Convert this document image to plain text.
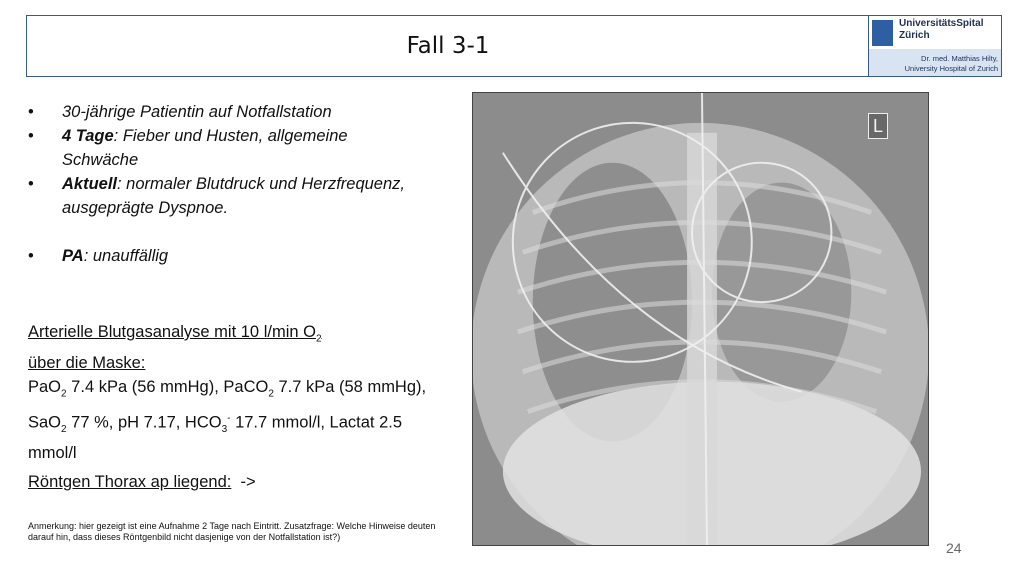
Fall 3-1
UniversitätsSpital
Zürich
Dr. med. Matthias Hilty,
University Hospital of Zurich
• 30-jährige Patientin auf Notfallstation
• 4 Tage: Fieber und Husten, allgemeine Schwäche
• Aktuell: normaler Blutdruck und Herzfrequenz, ausgeprägte Dyspnoe.
• PA: unauffällig
Arterielle Blutgasanalyse mit 10 l/min $O_2$
über die Maske:
PaO$_2$ 7.4 kPa (56 mmHg), PaCO$_2$ 7.7 kPa (58 mmHg), SaO$_2$ 77 %, pH 7.17, $HCO_3^-$ 17.7 mmol/l, Lactat 2.5 mmol/l
Röntgen Thorax ap liegend:  ->
Anmerkung: hier gezeigt ist eine Aufnahme 2 Tage nach Eintritt. Zusatzfrage: Welche Hinweise deuten darauf hin, dass dieses Röntgenbild nicht dasjenige von der Notfallstation ist?)
L
24
